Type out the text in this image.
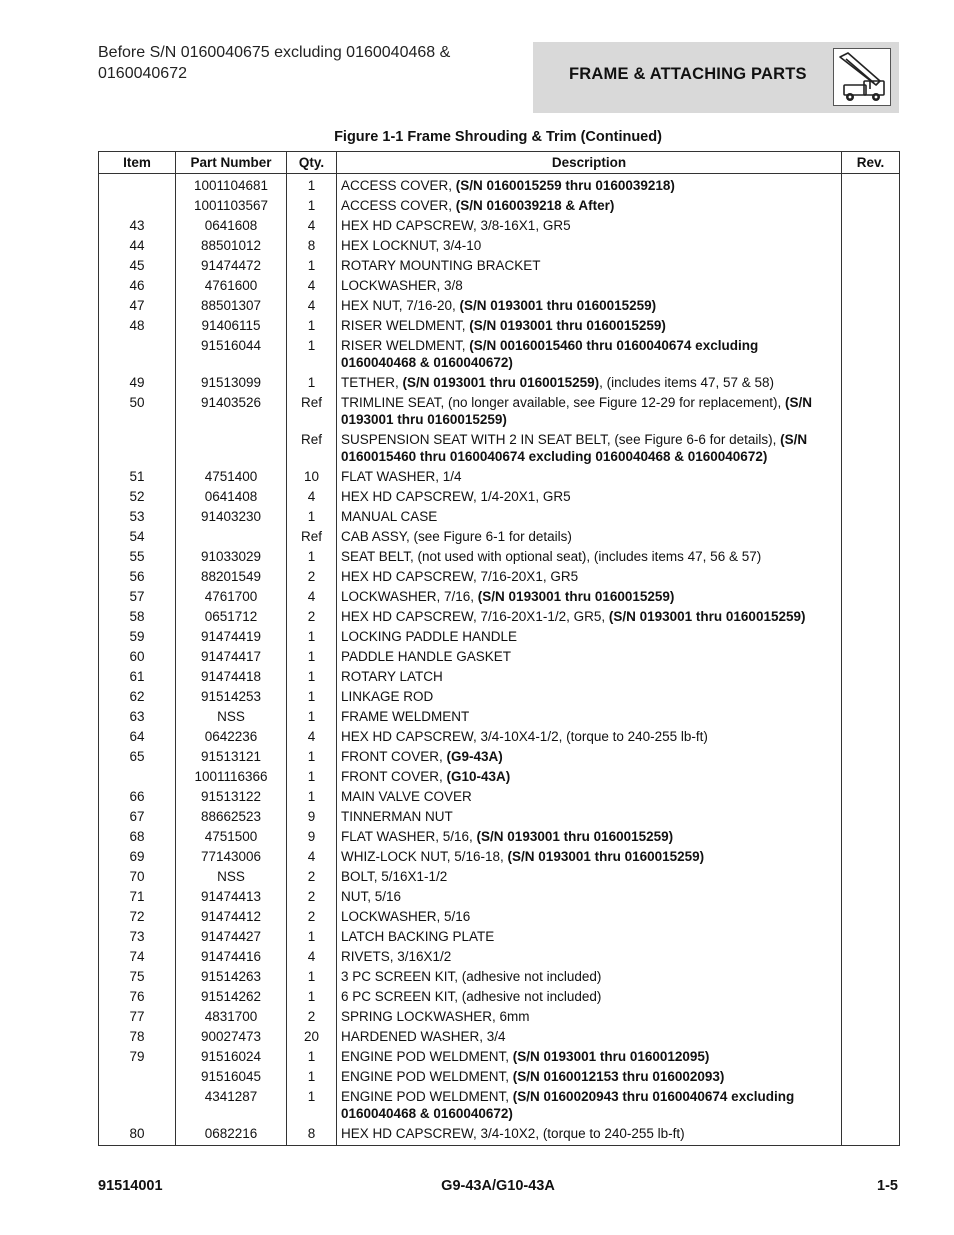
Before S/N 0160040675 excluding 0160040468 & 0160040672	FRAME & ATTACHING PARTS
Figure 1-1 Frame Shrouding & Trim (Continued)
Item	Part Number	Qty.	Description	Rev.
	1001104681	1	ACCESS COVER, (S/N 0160015259 thru 0160039218)	
	1001103567	1	ACCESS COVER, (S/N 0160039218 & After)	
43	0641608	4	HEX HD CAPSCREW, 3/8-16X1, GR5	
44	88501012	8	HEX LOCKNUT, 3/4-10	
45	91474472	1	ROTARY MOUNTING BRACKET	
46	4761600	4	LOCKWASHER, 3/8	
47	88501307	4	HEX NUT, 7/16-20, (S/N 0193001 thru 0160015259)	
48	91406115	1	RISER WELDMENT, (S/N 0193001 thru 0160015259)	
	91516044	1	RISER WELDMENT, (S/N 00160015460 thru 0160040674 excluding 0160040468 & 0160040672)	
49	91513099	1	TETHER, (S/N 0193001 thru 0160015259), (includes items 47, 57 & 58)	
50	91403526	Ref	TRIMLINE SEAT, (no longer available, see Figure 12-29 for replacement), (S/N 0193001 thru 0160015259)	
		Ref	SUSPENSION SEAT WITH 2 IN SEAT BELT, (see Figure 6-6 for details), (S/N 0160015460 thru 0160040674 excluding 0160040468 & 0160040672)	
51	4751400	10	FLAT WASHER, 1/4	
52	0641408	4	HEX HD CAPSCREW, 1/4-20X1, GR5	
53	91403230	1	MANUAL CASE	
54		Ref	CAB ASSY, (see Figure 6-1 for details)	
55	91033029	1	SEAT BELT, (not used with optional seat), (includes items 47, 56 & 57)	
56	88201549	2	HEX HD CAPSCREW, 7/16-20X1, GR5	
57	4761700	4	LOCKWASHER, 7/16, (S/N 0193001 thru 0160015259)	
58	0651712	2	HEX HD CAPSCREW, 7/16-20X1-1/2, GR5, (S/N 0193001 thru 0160015259)	
59	91474419	1	LOCKING PADDLE HANDLE	
60	91474417	1	PADDLE HANDLE GASKET	
61	91474418	1	ROTARY LATCH	
62	91514253	1	LINKAGE ROD	
63	NSS	1	FRAME WELDMENT	
64	0642236	4	HEX HD CAPSCREW, 3/4-10X4-1/2, (torque to 240-255 lb-ft)	
65	91513121	1	FRONT COVER, (G9-43A)	
	1001116366	1	FRONT COVER, (G10-43A)	
66	91513122	1	MAIN VALVE COVER	
67	88662523	9	TINNERMAN NUT	
68	4751500	9	FLAT WASHER, 5/16, (S/N 0193001 thru 0160015259)	
69	77143006	4	WHIZ-LOCK NUT, 5/16-18, (S/N 0193001 thru 0160015259)	
70	NSS	2	BOLT, 5/16X1-1/2	
71	91474413	2	NUT, 5/16	
72	91474412	2	LOCKWASHER, 5/16	
73	91474427	1	LATCH BACKING PLATE	
74	91474416	4	RIVETS, 3/16X1/2	
75	91514263	1	3 PC SCREEN KIT, (adhesive not included)	
76	91514262	1	6 PC SCREEN KIT, (adhesive not included)	
77	4831700	2	SPRING LOCKWASHER, 6mm	
78	90027473	20	HARDENED WASHER, 3/4	
79	91516024	1	ENGINE POD WELDMENT, (S/N 0193001 thru 0160012095)	
	91516045	1	ENGINE POD WELDMENT, (S/N 0160012153 thru 016002093)	
	4341287	1	ENGINE POD WELDMENT, (S/N 0160020943 thru 0160040674 excluding 0160040468 & 0160040672)	
80	0682216	8	HEX HD CAPSCREW, 3/4-10X2, (torque to 240-255 lb-ft)	
91514001	G9-43A/G10-43A	1-5
